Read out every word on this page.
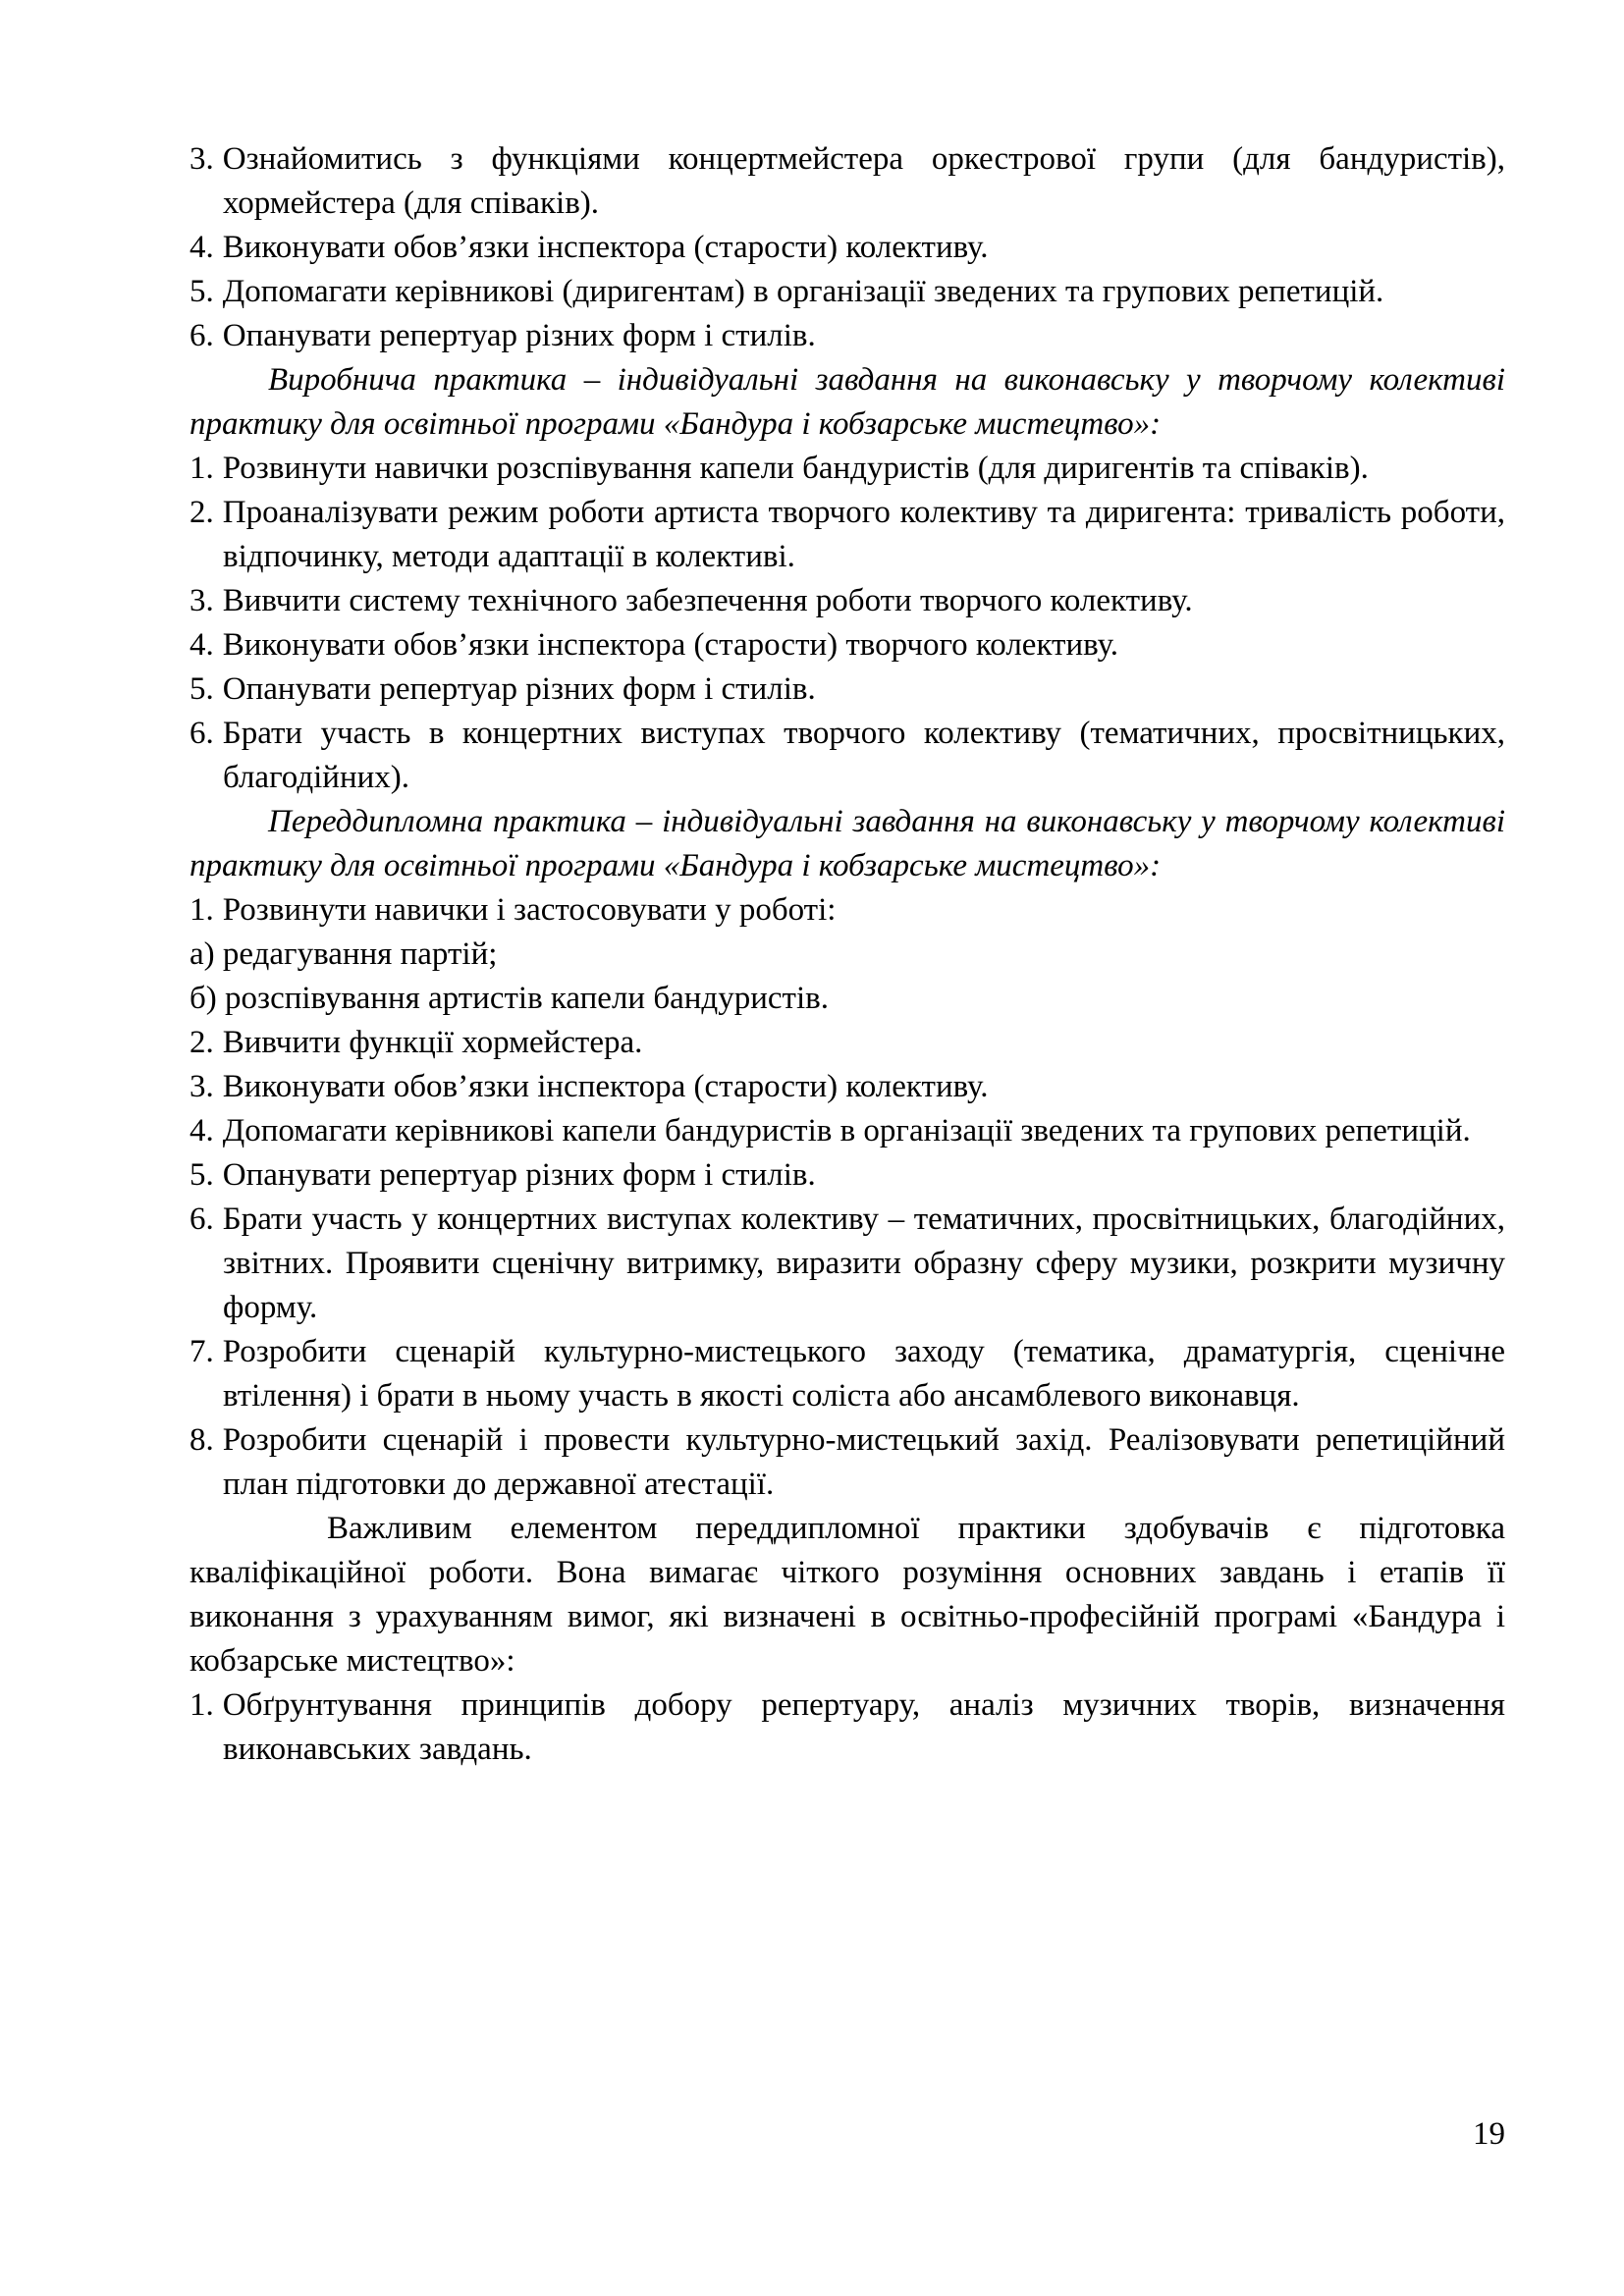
3. Ознайомитись з функціями концертмейстера оркестрової групи (для бандуристів), хормейстера (для співаків).
4. Виконувати обов’язки інспектора (старости) колективу.
5. Допомагати керівникові (диригентам) в організації зведених та групових репетицій.
6. Опанувати репертуар різних форм і стилів.
Виробнича практика – індивідуальні завдання на виконавську у творчому колективі практику для освітньої програми «Бандура і кобзарське мистецтво»:
1. Розвинути навички розспівування капели бандуристів (для диригентів та співаків).
2. Проаналізувати режим роботи артиста творчого колективу та диригента: тривалість роботи, відпочинку, методи адаптації в колективі.
3. Вивчити систему технічного забезпечення роботи творчого колективу.
4. Виконувати обов’язки інспектора (старости) творчого колективу.
5. Опанувати репертуар різних форм і стилів.
6. Брати участь в концертних виступах творчого колективу (тематичних, просвітницьких, благодійних).
Переддипломна практика – індивідуальні завдання на виконавську у творчому колективі практику для освітньої програми «Бандура і кобзарське мистецтво»:
1. Розвинути навички і застосовувати у роботі:
а) редагування партій;
б) розспівування артистів капели бандуристів.
2. Вивчити функції хормейстера.
3. Виконувати обов’язки інспектора (старости) колективу.
4. Допомагати керівникові капели бандуристів в організації зведених та групових репетицій.
5. Опанувати репертуар різних форм і стилів.
6. Брати участь у концертних виступах колективу – тематичних, просвітницьких, благодійних, звітних. Проявити сценічну витримку, виразити образну сферу музики, розкрити музичну форму.
7. Розробити сценарій культурно-мистецького заходу (тематика, драматургія, сценічне втілення) і брати в ньому участь в якості соліста або ансамблевого виконавця.
8. Розробити сценарій і провести культурно-мистецький захід. Реалізовувати репетиційний план підготовки до державної атестації.
Важливим елементом переддипломної практики здобувачів є підготовка кваліфікаційної роботи. Вона вимагає чіткого розуміння основних завдань і етапів її виконання з урахуванням вимог, які визначені в освітньо-професійній програмі «Бандура і кобзарське мистецтво»:
1. Обґрунтування принципів добору репертуару, аналіз музичних творів, визначення виконавських завдань.
19
